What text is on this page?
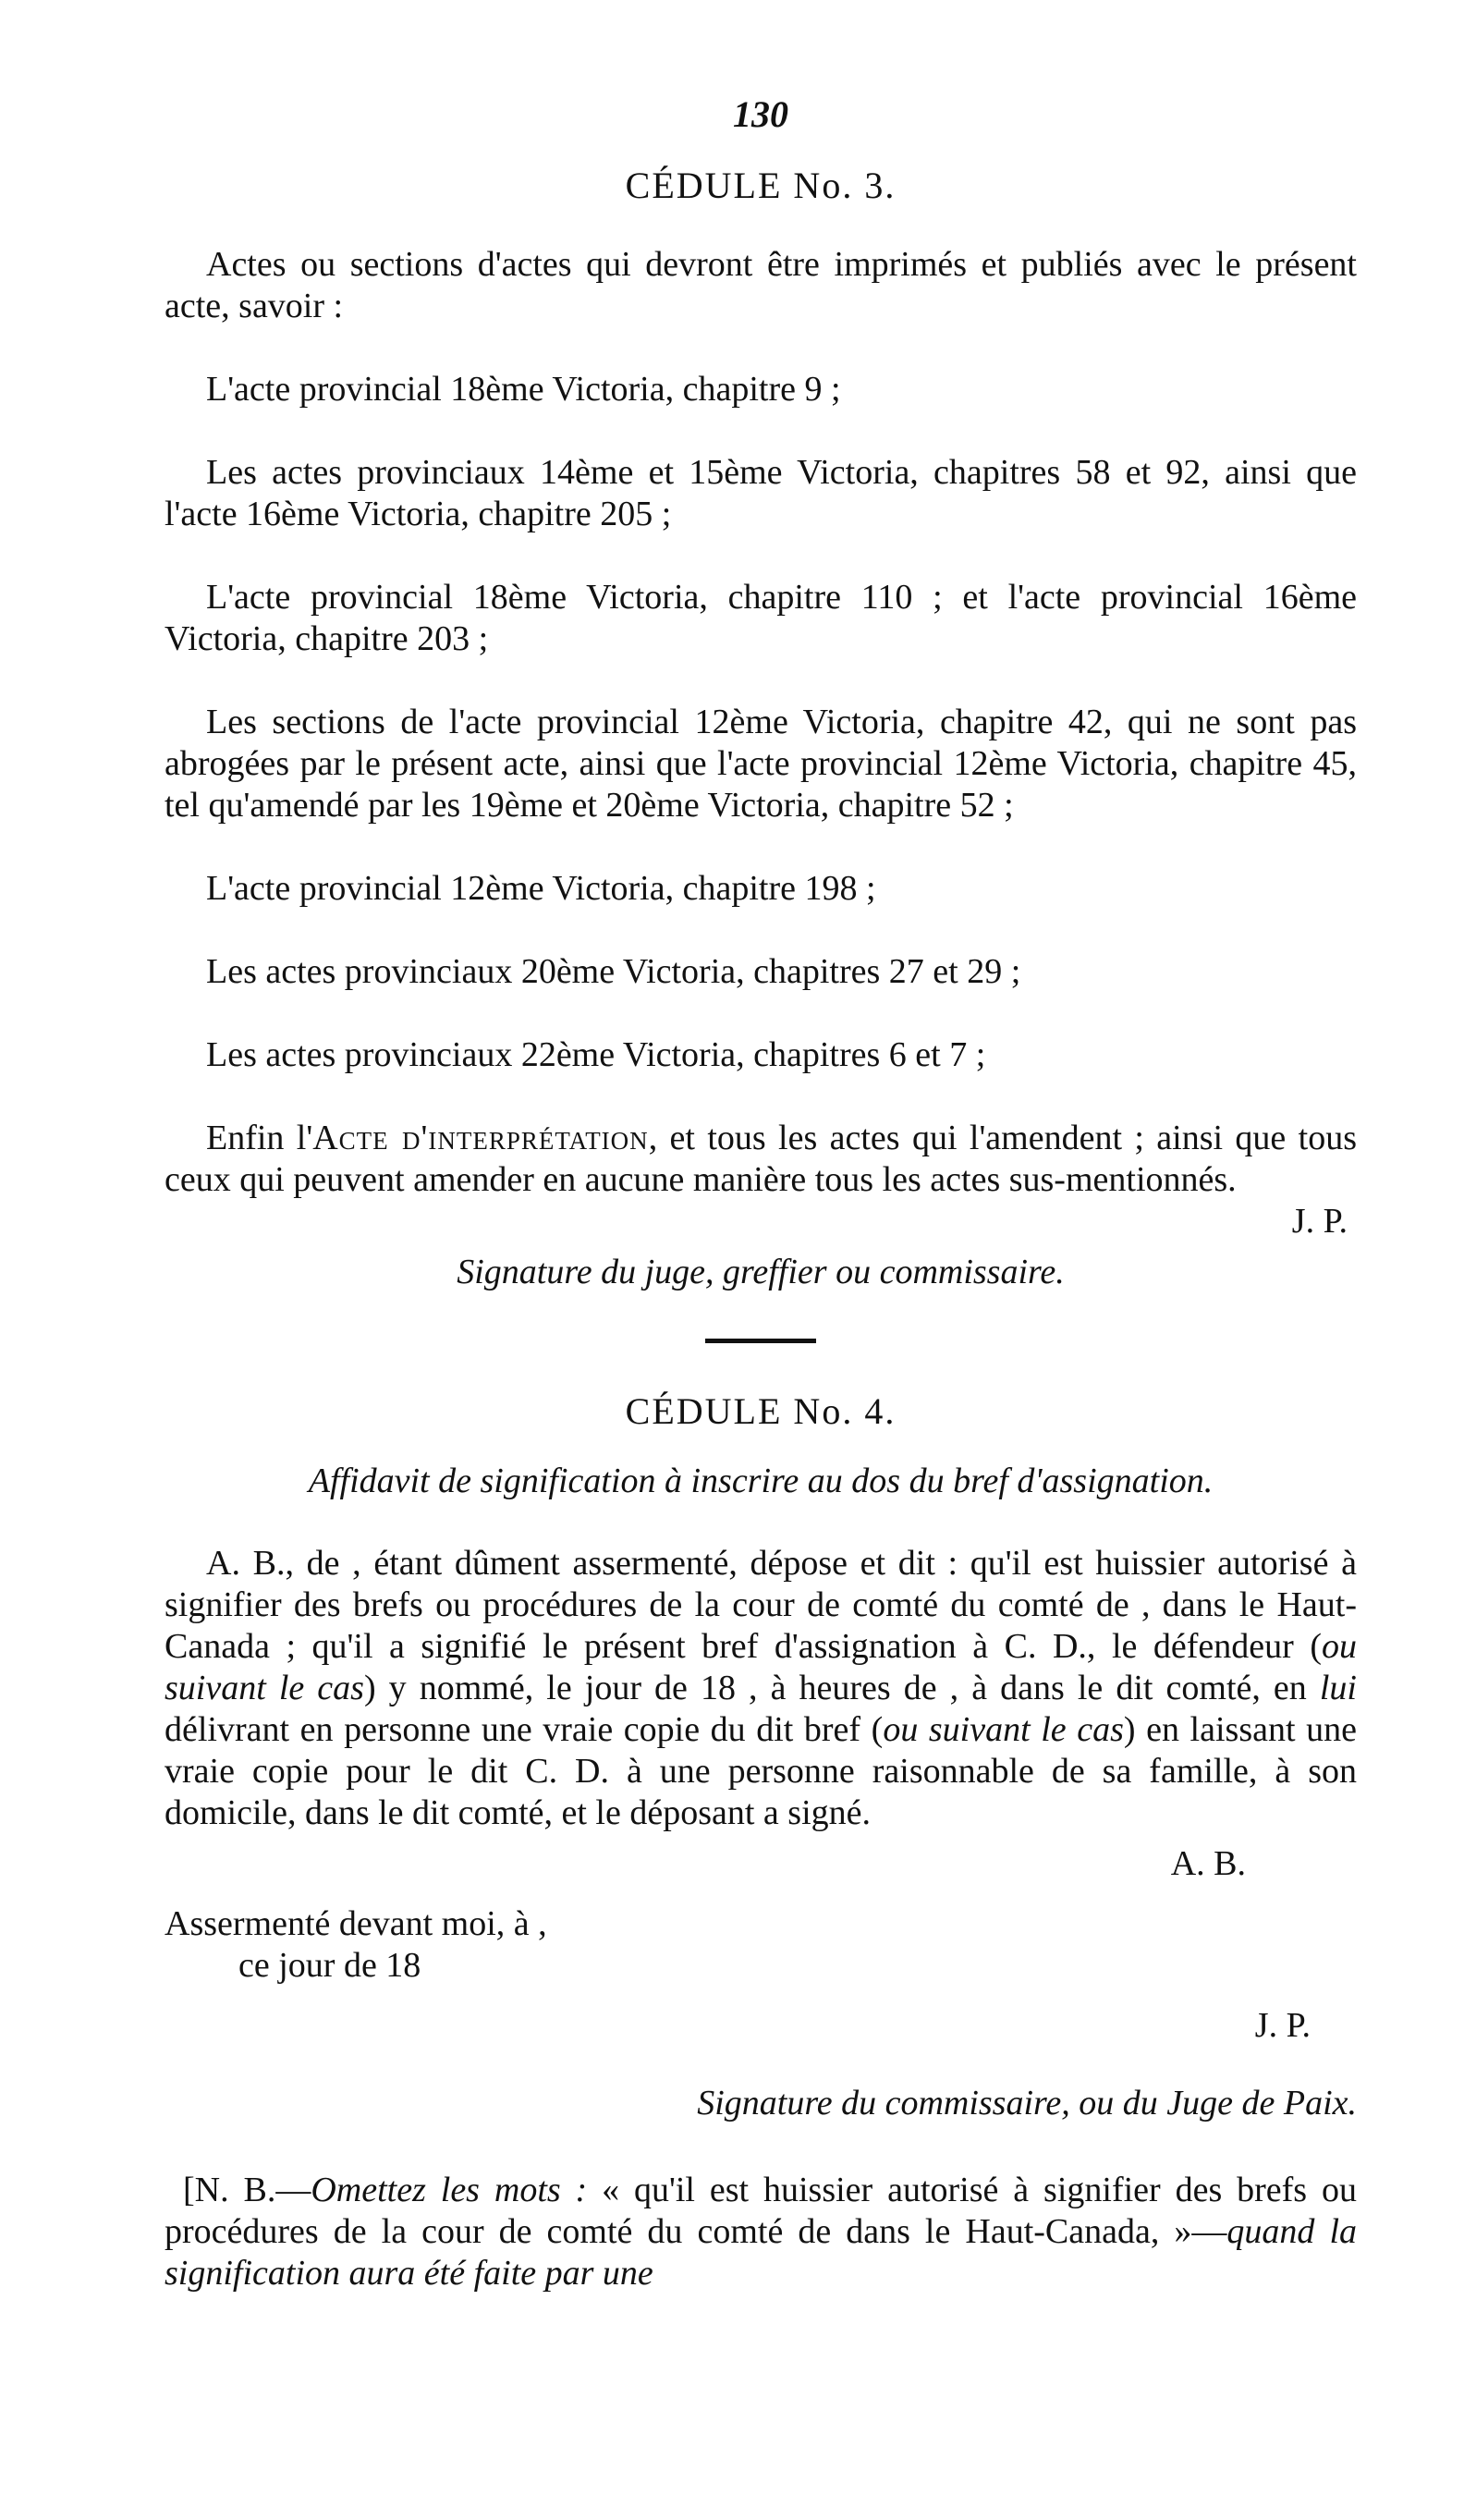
130
CÉDULE No. 3.

Actes ou sections d'actes qui devront être imprimés et publiés avec le présent acte, savoir :

L'acte provincial 18ème Victoria, chapitre 9 ;

Les actes provinciaux 14ème et 15ème Victoria, chapitres 58 et 92, ainsi que l'acte 16ème Victoria, chapitre 205 ;

L'acte provincial 18ème Victoria, chapitre 110 ; et l'acte provincial 16ème Victoria, chapitre 203 ;

Les sections de l'acte provincial 12ème Victoria, chapitre 42, qui ne sont pas abrogées par le présent acte, ainsi que l'acte provincial 12ème Victoria, chapitre 45, tel qu'amendé par les 19ème et 20ème Victoria, chapitre 52 ;

L'acte provincial 12ème Victoria, chapitre 198 ;

Les actes provinciaux 20ème Victoria, chapitres 27 et 29 ;

Les actes provinciaux 22ème Victoria, chapitres 6 et 7 ;

Enfin l'Acte d'interprétation, et tous les actes qui l'amendent ; ainsi que tous ceux qui peuvent amender en aucune manière tous les actes sus-mentionnés.

J. P.
Signature du juge, greffier ou commissaire.
CÉDULE No. 4.
Affidavit de signification à inscrire au dos du bref d'assignation.

A. B., de , étant dûment assermenté, dépose et dit : qu'il est huissier autorisé à signifier des brefs ou procédures de la cour de comté du comté de , dans le Haut-Canada ; qu'il a signifié le présent bref d'assignation à C. D., le défendeur (ou suivant le cas) y nommé, le jour de 18 , à heures de , à dans le dit comté, en lui délivrant en personne une vraie copie du dit bref (ou suivant le cas) en laissant une vraie copie pour le dit C. D. à une personne raisonnable de sa famille, à son domicile, dans le dit comté, et le déposant a signé.

A. B.
Assermenté devant moi, à ,
ce jour de 18
J. P.
Signature du commissaire, ou du Juge de Paix.

[N. B.—Omettez les mots : « qu'il est huissier autorisé à signifier des brefs ou procédures de la cour de comté du comté de dans le Haut-Canada, »—quand la signification aura été faite par une
